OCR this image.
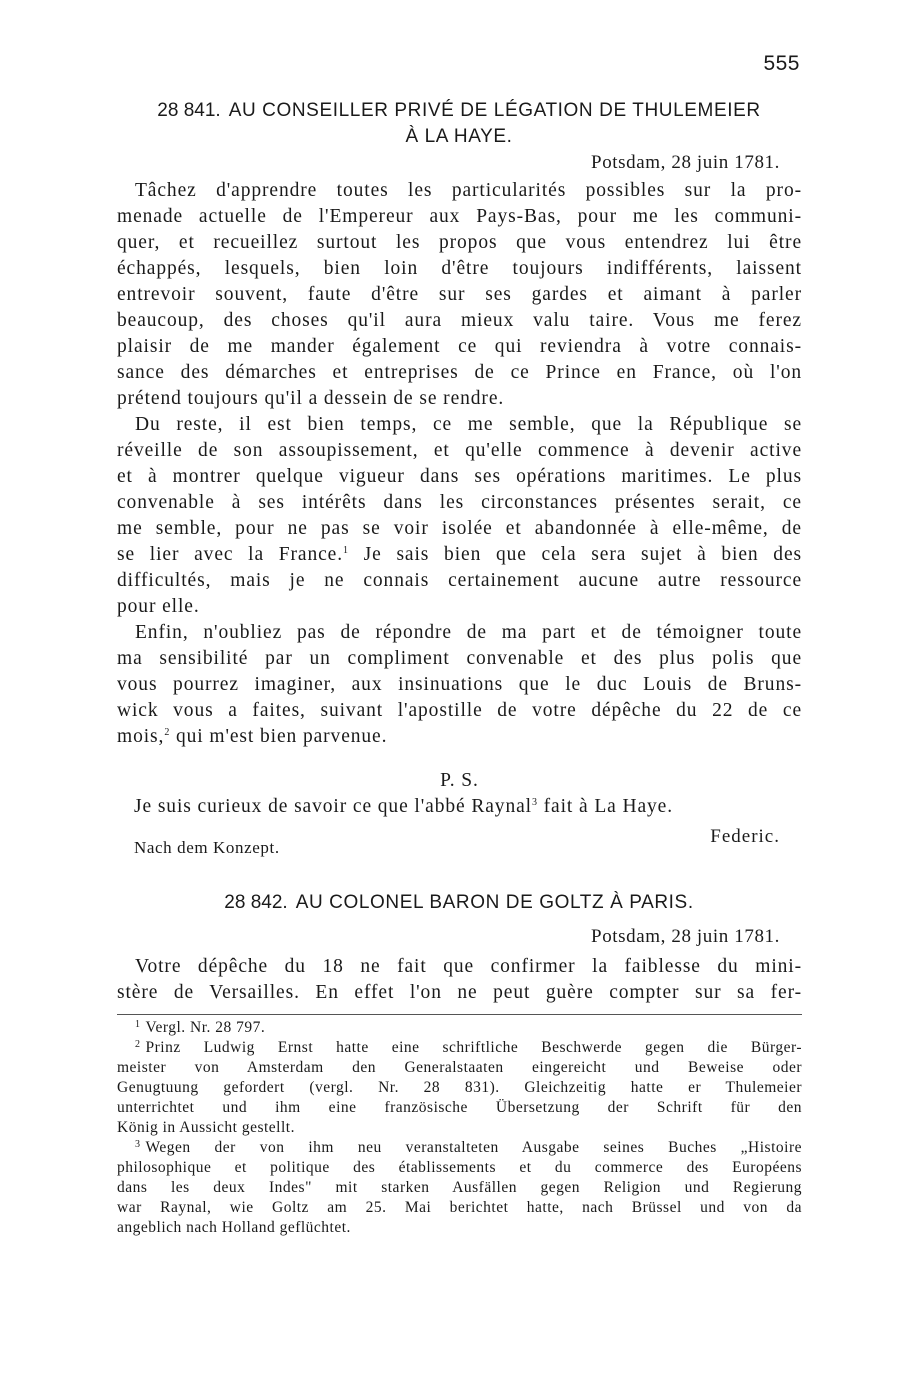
555
28 841. AU CONSEILLER PRIVÉ DE LÉGATION DE THULEMEIER
À LA HAYE.
Potsdam, 28 juin 1781.
Tâchez d'apprendre toutes les particularités possibles sur la pro-
menade actuelle de l'Empereur aux Pays-Bas, pour me les communi-
quer, et recueillez surtout les propos que vous entendrez lui être
échappés, lesquels, bien loin d'être toujours indifférents, laissent
entrevoir souvent, faute d'être sur ses gardes et aimant à parler
beaucoup, des choses qu'il aura mieux valu taire. Vous me ferez
plaisir de me mander également ce qui reviendra à votre connais-
sance des démarches et entreprises de ce Prince en France, où l'on
prétend toujours qu'il a dessein de se rendre.
Du reste, il est bien temps, ce me semble, que la République se
réveille de son assoupissement, et qu'elle commence à devenir active
et à montrer quelque vigueur dans ses opérations maritimes. Le plus
convenable à ses intérêts dans les circonstances présentes serait, ce
me semble, pour ne pas se voir isolée et abandonnée à elle-même, de
se lier avec la France.$^1$ Je sais bien que cela sera sujet à bien des
difficultés, mais je ne connais certainement aucune autre ressource
pour elle.
Enfin, n'oubliez pas de répondre de ma part et de témoigner toute
ma sensibilité par un compliment convenable et des plus polis que
vous pourrez imaginer, aux insinuations que le duc Louis de Bruns-
wick vous a faites, suivant l'apostille de votre dépêche du 22 de ce
mois,$^2$ qui m'est bien parvenue.
P. S.
Je suis curieux de savoir ce que l'abbé Raynal$^3$ fait à La Haye.
Federic.
Nach dem Konzept.
28 842. AU COLONEL BARON DE GOLTZ À PARIS.
Potsdam, 28 juin 1781.
Votre dépêche du 18 ne fait que confirmer la faiblesse du mini-
stère de Versailles. En effet l'on ne peut guère compter sur sa fer-
$^1$ Vergl. Nr. 28 797.
$^2$ Prinz Ludwig Ernst hatte eine schriftliche Beschwerde gegen die Bürger-
meister von Amsterdam den Generalstaaten eingereicht und Beweise oder
Genugtuung gefordert (vergl. Nr. 28 831). Gleichzeitig hatte er Thulemeier
unterrichtet und ihm eine französische Übersetzung der Schrift für den
König in Aussicht gestellt.
$^3$ Wegen der von ihm neu veranstalteten Ausgabe seines Buches „Histoire
philosophique et politique des établissements et du commerce des Européens
dans les deux Indes" mit starken Ausfällen gegen Religion und Regierung
war Raynal, wie Goltz am 25. Mai berichtet hatte, nach Brüssel und von da
angeblich nach Holland geflüchtet.
